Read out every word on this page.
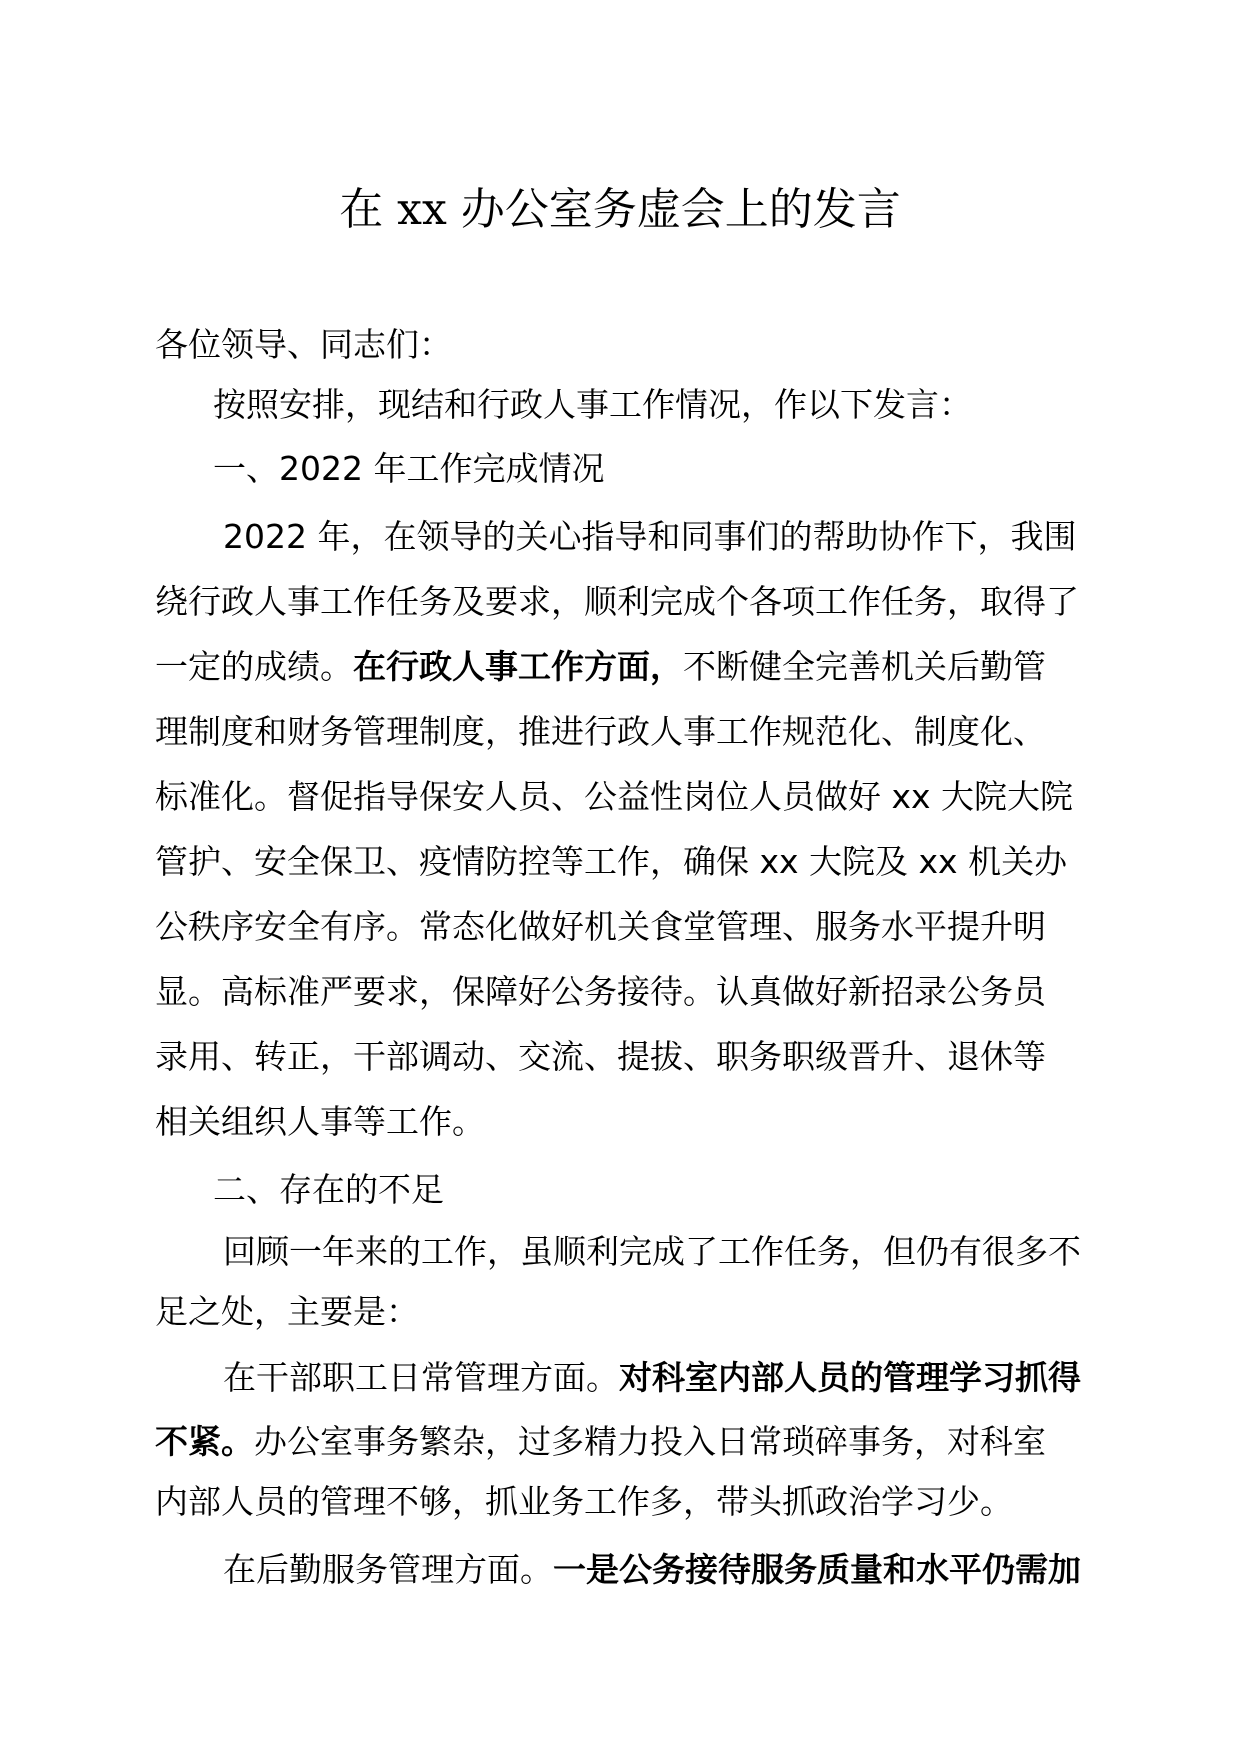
在 xx 办公室务虚会上的发言

各位领导、同志们：

按照安排，现结和行政人事工作情况，作以下发言：

一、2022 年工作完成情况

2022 年，在领导的关心指导和同事们的帮助协作下，我围

绕行政人事工作任务及要求，顺利完成个各项工作任务，取得了

一定的成绩。在行政人事工作方面，不断健全完善机关后勤管

理制度和财务管理制度，推进行政人事工作规范化、制度化、

标准化。督促指导保安人员、公益性岗位人员做好 xx 大院大院

管护、安全保卫、疫情防控等工作，确保 xx 大院及 xx 机关办

公秩序安全有序。常态化做好机关食堂管理、服务水平提升明

显。高标准严要求，保障好公务接待。认真做好新招录公务员

录用、转正，干部调动、交流、提拔、职务职级晋升、退休等

相关组织人事等工作。

二、存在的不足

回顾一年来的工作，虽顺利完成了工作任务，但仍有很多不

足之处，主要是：

在干部职工日常管理方面。对科室内部人员的管理学习抓得

不紧。办公室事务繁杂，过多精力投入日常琐碎事务，对科室

内部人员的管理不够，抓业务工作多，带头抓政治学习少。

在后勤服务管理方面。一是公务接待服务质量和水平仍需加
